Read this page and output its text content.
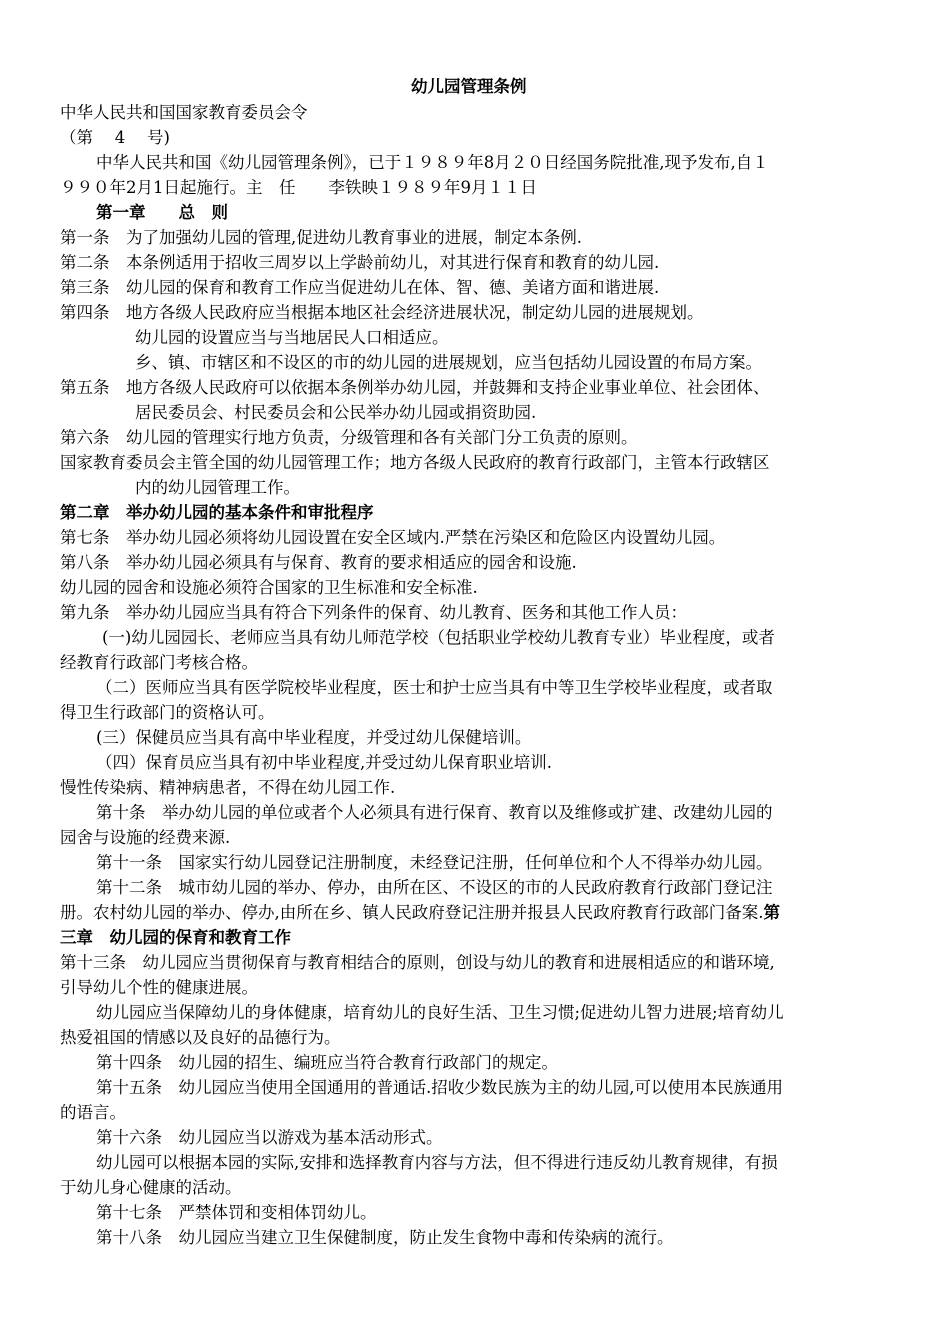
幼儿园管理条例
中华人民共和国国家教育委员会令
（第　 4　 号)
中华人民共和国《幼儿园管理条例》，已于１９８９年8月２０日经国务院批准,现予发布,自１
９９０年2月1日起施行。主　任　　李铁映１９８９年9月１１日
第一章　　总　则
第一条　为了加强幼儿园的管理,促进幼儿教育事业的进展，制定本条例.
第二条　本条例适用于招收三周岁以上学龄前幼儿，对其进行保育和教育的幼儿园.
第三条　幼儿园的保育和教育工作应当促进幼儿在体、智、德、美诸方面和谐进展.
第四条　地方各级人民政府应当根据本地区社会经济进展状况，制定幼儿园的进展规划。
幼儿园的设置应当与当地居民人口相适应。
乡、镇、市辖区和不设区的市的幼儿园的进展规划，应当包括幼儿园设置的布局方案。
第五条　地方各级人民政府可以依据本条例举办幼儿园，并鼓舞和支持企业事业单位、社会团体、
居民委员会、村民委员会和公民举办幼儿园或捐资助园.
第六条　幼儿园的管理实行地方负责，分级管理和各有关部门分工负责的原则。
国家教育委员会主管全国的幼儿园管理工作；地方各级人民政府的教育行政部门，主管本行政辖区
内的幼儿园管理工作。
第二章　举办幼儿园的基本条件和审批程序
第七条　举办幼儿园必须将幼儿园设置在安全区域内.严禁在污染区和危险区内设置幼儿园。
第八条　举办幼儿园必须具有与保育、教育的要求相适应的园舍和设施.
幼儿园的园舍和设施必须符合国家的卫生标准和安全标准.
第九条　举办幼儿园应当具有符合下列条件的保育、幼儿教育、医务和其他工作人员：
(一)幼儿园园长、老师应当具有幼儿师范学校（包括职业学校幼儿教育专业）毕业程度，或者
经教育行政部门考核合格。
（二）医师应当具有医学院校毕业程度，医士和护士应当具有中等卫生学校毕业程度，或者取
得卫生行政部门的资格认可。
(三）保健员应当具有高中毕业程度，并受过幼儿保健培训。
（四）保育员应当具有初中毕业程度,并受过幼儿保育职业培训.
慢性传染病、精神病患者，不得在幼儿园工作.
第十条　举办幼儿园的单位或者个人必须具有进行保育、教育以及维修或扩建、改建幼儿园的
园舍与设施的经费来源.
第十一条　国家实行幼儿园登记注册制度，未经登记注册，任何单位和个人不得举办幼儿园。
第十二条　城市幼儿园的举办、停办，由所在区、不设区的市的人民政府教育行政部门登记注
册。农村幼儿园的举办、停办,由所在乡、镇人民政府登记注册并报县人民政府教育行政部门备案.第
三章　幼儿园的保育和教育工作
第十三条　幼儿园应当贯彻保育与教育相结合的原则，创设与幼儿的教育和进展相适应的和谐环境,
引导幼儿个性的健康进展。
幼儿园应当保障幼儿的身体健康，培育幼儿的良好生活、卫生习惯;促进幼儿智力进展;培育幼儿
热爱祖国的情感以及良好的品德行为。
第十四条　幼儿园的招生、编班应当符合教育行政部门的规定。
第十五条　幼儿园应当使用全国通用的普通话.招收少数民族为主的幼儿园,可以使用本民族通用
的语言。
第十六条　幼儿园应当以游戏为基本活动形式。
幼儿园可以根据本园的实际,安排和选择教育内容与方法，但不得进行违反幼儿教育规律，有损
于幼儿身心健康的活动。
第十七条　严禁体罚和变相体罚幼儿。
第十八条　幼儿园应当建立卫生保健制度，防止发生食物中毒和传染病的流行。
